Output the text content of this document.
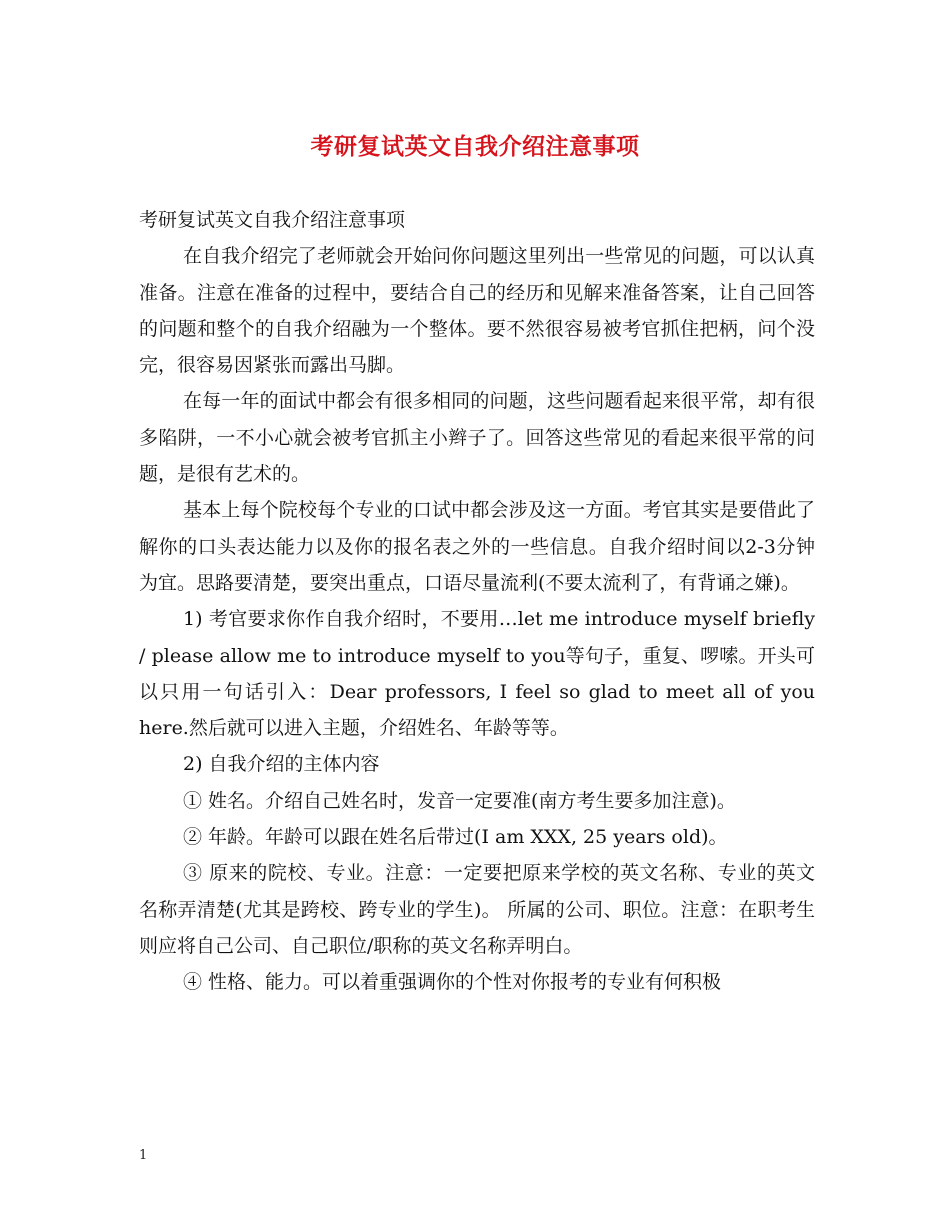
考研复试英文自我介绍注意事项

考研复试英文自我介绍注意事项

在自我介绍完了老师就会开始问你问题这里列出一些常见的问题，可以认真准备。注意在准备的过程中，要结合自己的经历和见解来准备答案，让自己回答的问题和整个的自我介绍融为一个整体。要不然很容易被考官抓住把柄，问个没完，很容易因紧张而露出马脚。

在每一年的面试中都会有很多相同的问题，这些问题看起来很平常，却有很多陷阱，一不小心就会被考官抓主小辫子了。回答这些常见的看起来很平常的问题，是很有艺术的。

基本上每个院校每个专业的口试中都会涉及这一方面。考官其实是要借此了解你的口头表达能力以及你的报名表之外的一些信息。自我介绍时间以2-3分钟为宜。思路要清楚，要突出重点，口语尽量流利(不要太流利了，有背诵之嫌)。

1) 考官要求你作自我介绍时，不要用…let me introduce myself briefly / please allow me to introduce myself to you等句子，重复、啰嗦。开头可以只用一句话引入：Dear professors, I feel so glad to meet all of you here.然后就可以进入主题，介绍姓名、年龄等等。

2) 自我介绍的主体内容

① 姓名。介绍自己姓名时，发音一定要准(南方考生要多加注意)。

② 年龄。年龄可以跟在姓名后带过(I am XXX, 25 years old)。

③ 原来的院校、专业。注意：一定要把原来学校的英文名称、专业的英文名称弄清楚(尤其是跨校、跨专业的学生)。 所属的公司、职位。注意：在职考生则应将自己公司、自己职位/职称的英文名称弄明白。

④ 性格、能力。可以着重强调你的个性对你报考的专业有何积极

1
